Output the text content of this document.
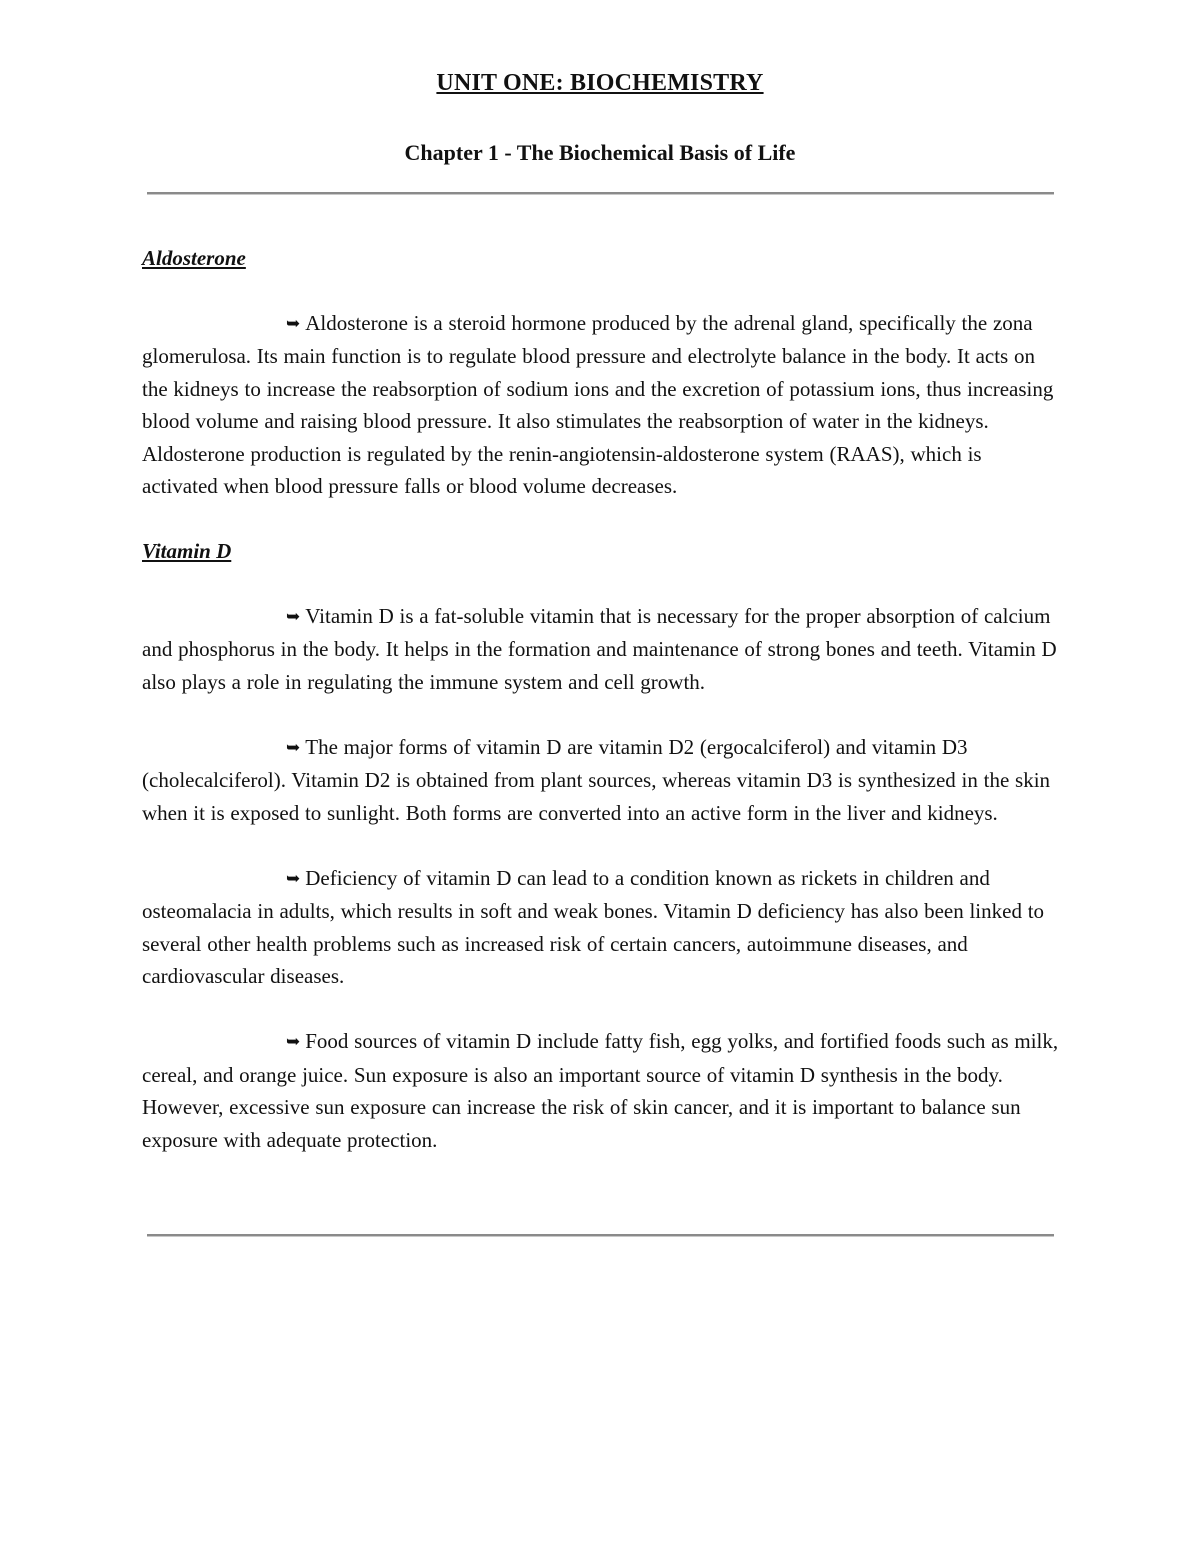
UNIT ONE: BIOCHEMISTRY
Chapter 1 - The Biochemical Basis of Life
Aldosterone

➥ Aldosterone is a steroid hormone produced by the adrenal gland, specifically the zona glomerulosa. Its main function is to regulate blood pressure and electrolyte balance in the body. It acts on the kidneys to increase the reabsorption of sodium ions and the excretion of potassium ions, thus increasing blood volume and raising blood pressure. It also stimulates the reabsorption of water in the kidneys. Aldosterone production is regulated by the renin-angiotensin-aldosterone system (RAAS), which is activated when blood pressure falls or blood volume decreases.

Vitamin D

➥ Vitamin D is a fat-soluble vitamin that is necessary for the proper absorption of calcium and phosphorus in the body. It helps in the formation and maintenance of strong bones and teeth. Vitamin D also plays a role in regulating the immune system and cell growth.

➥ The major forms of vitamin D are vitamin D2 (ergocalciferol) and vitamin D3 (cholecalciferol). Vitamin D2 is obtained from plant sources, whereas vitamin D3 is synthesized in the skin when it is exposed to sunlight. Both forms are converted into an active form in the liver and kidneys.

➥ Deficiency of vitamin D can lead to a condition known as rickets in children and osteomalacia in adults, which results in soft and weak bones. Vitamin D deficiency has also been linked to several other health problems such as increased risk of certain cancers, autoimmune diseases, and cardiovascular diseases.

➥ Food sources of vitamin D include fatty fish, egg yolks, and fortified foods such as milk, cereal, and orange juice. Sun exposure is also an important source of vitamin D synthesis in the body. However, excessive sun exposure can increase the risk of skin cancer, and it is important to balance sun exposure with adequate protection.
